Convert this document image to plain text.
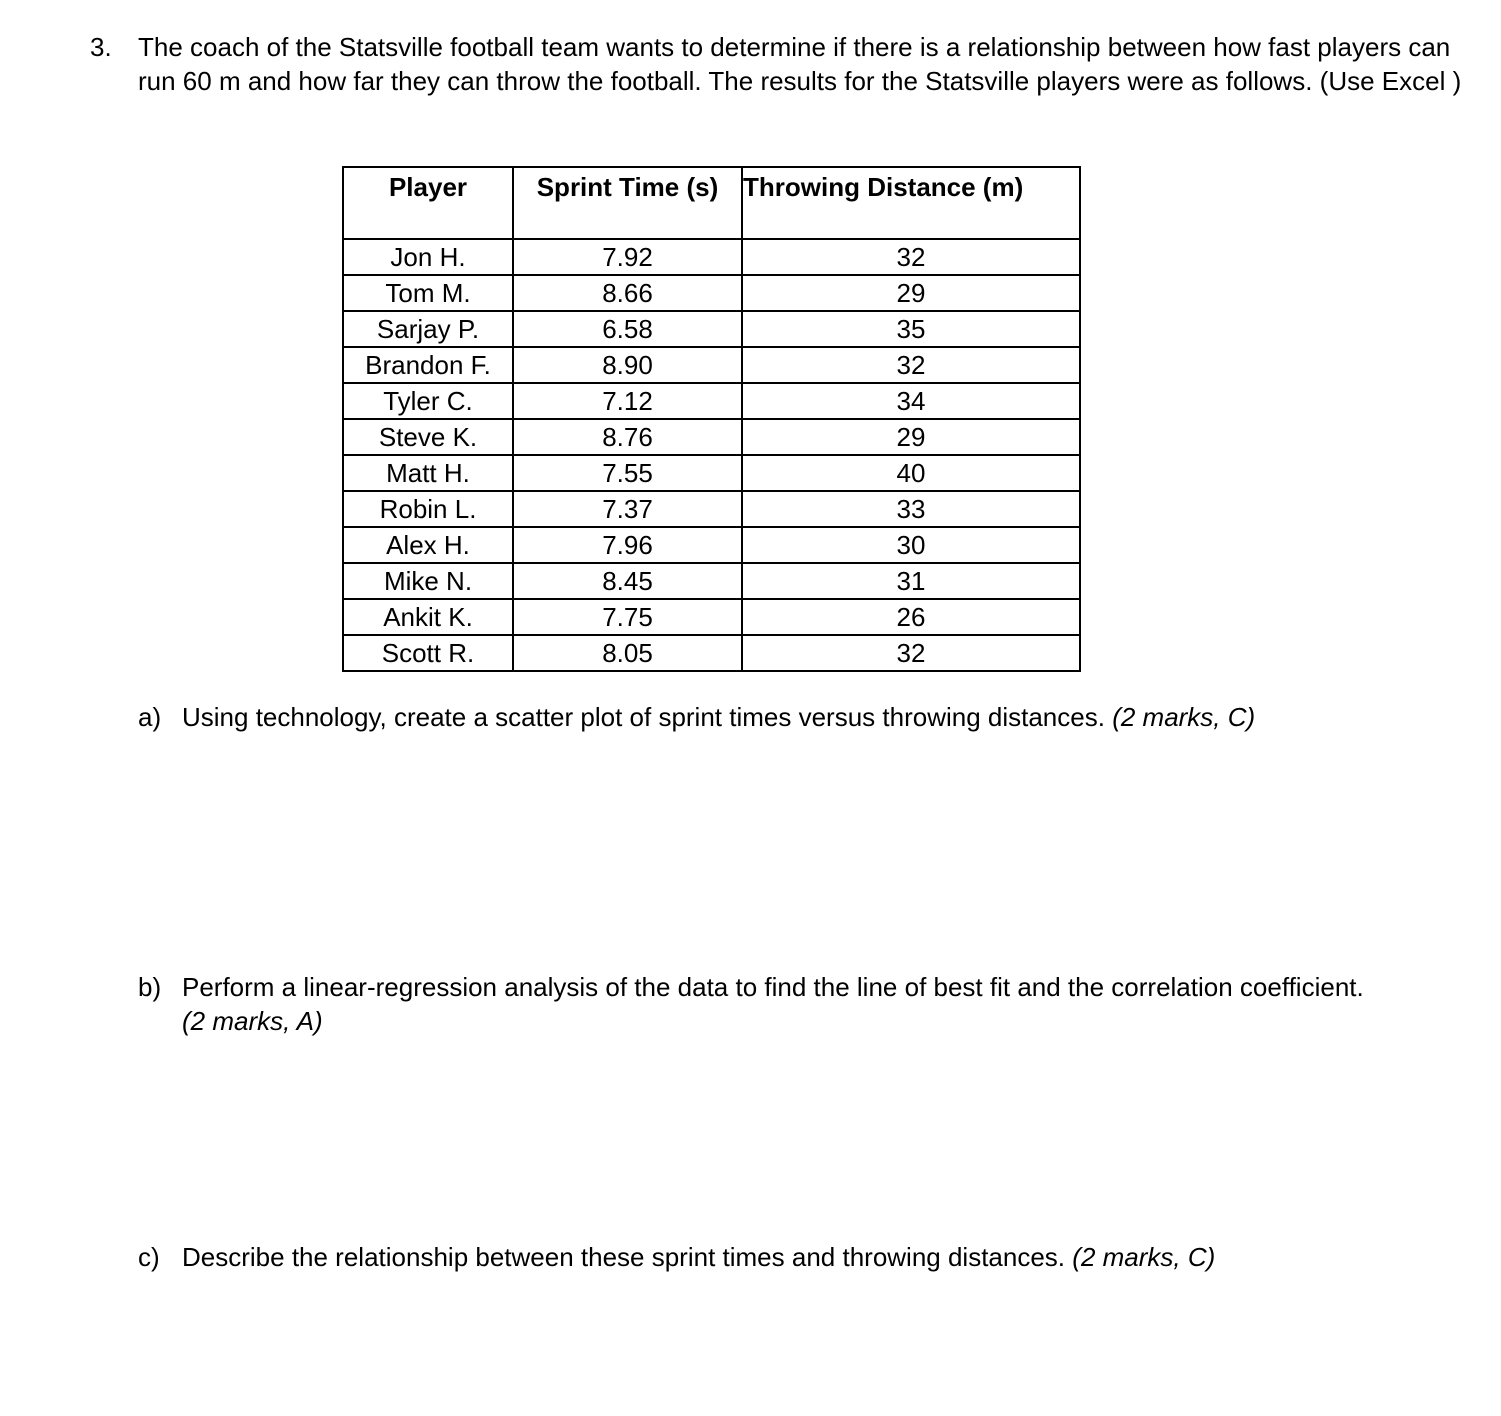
3. The coach of the Statsville football team wants to determine if there is a relationship between how fast players can run 60 m and how far they can throw the football. The results for the Statsville players were as follows. (Use Excel )
Player	Sprint Time (s)	Throwing Distance (m)
Jon H.	7.92	32
Tom M.	8.66	29
Sarjay P.	6.58	35
Brandon F.	8.90	32
Tyler C.	7.12	34
Steve K.	8.76	29
Matt H.	7.55	40
Robin L.	7.37	33
Alex H.	7.96	30
Mike N.	8.45	31
Ankit K.	7.75	26
Scott R.	8.05	32
a) Using technology, create a scatter plot of sprint times versus throwing distances. (2 marks, C)
b) Perform a linear-regression analysis of the data to find the line of best fit and the correlation coefficient. (2 marks, A)
c) Describe the relationship between these sprint times and throwing distances. (2 marks, C)
